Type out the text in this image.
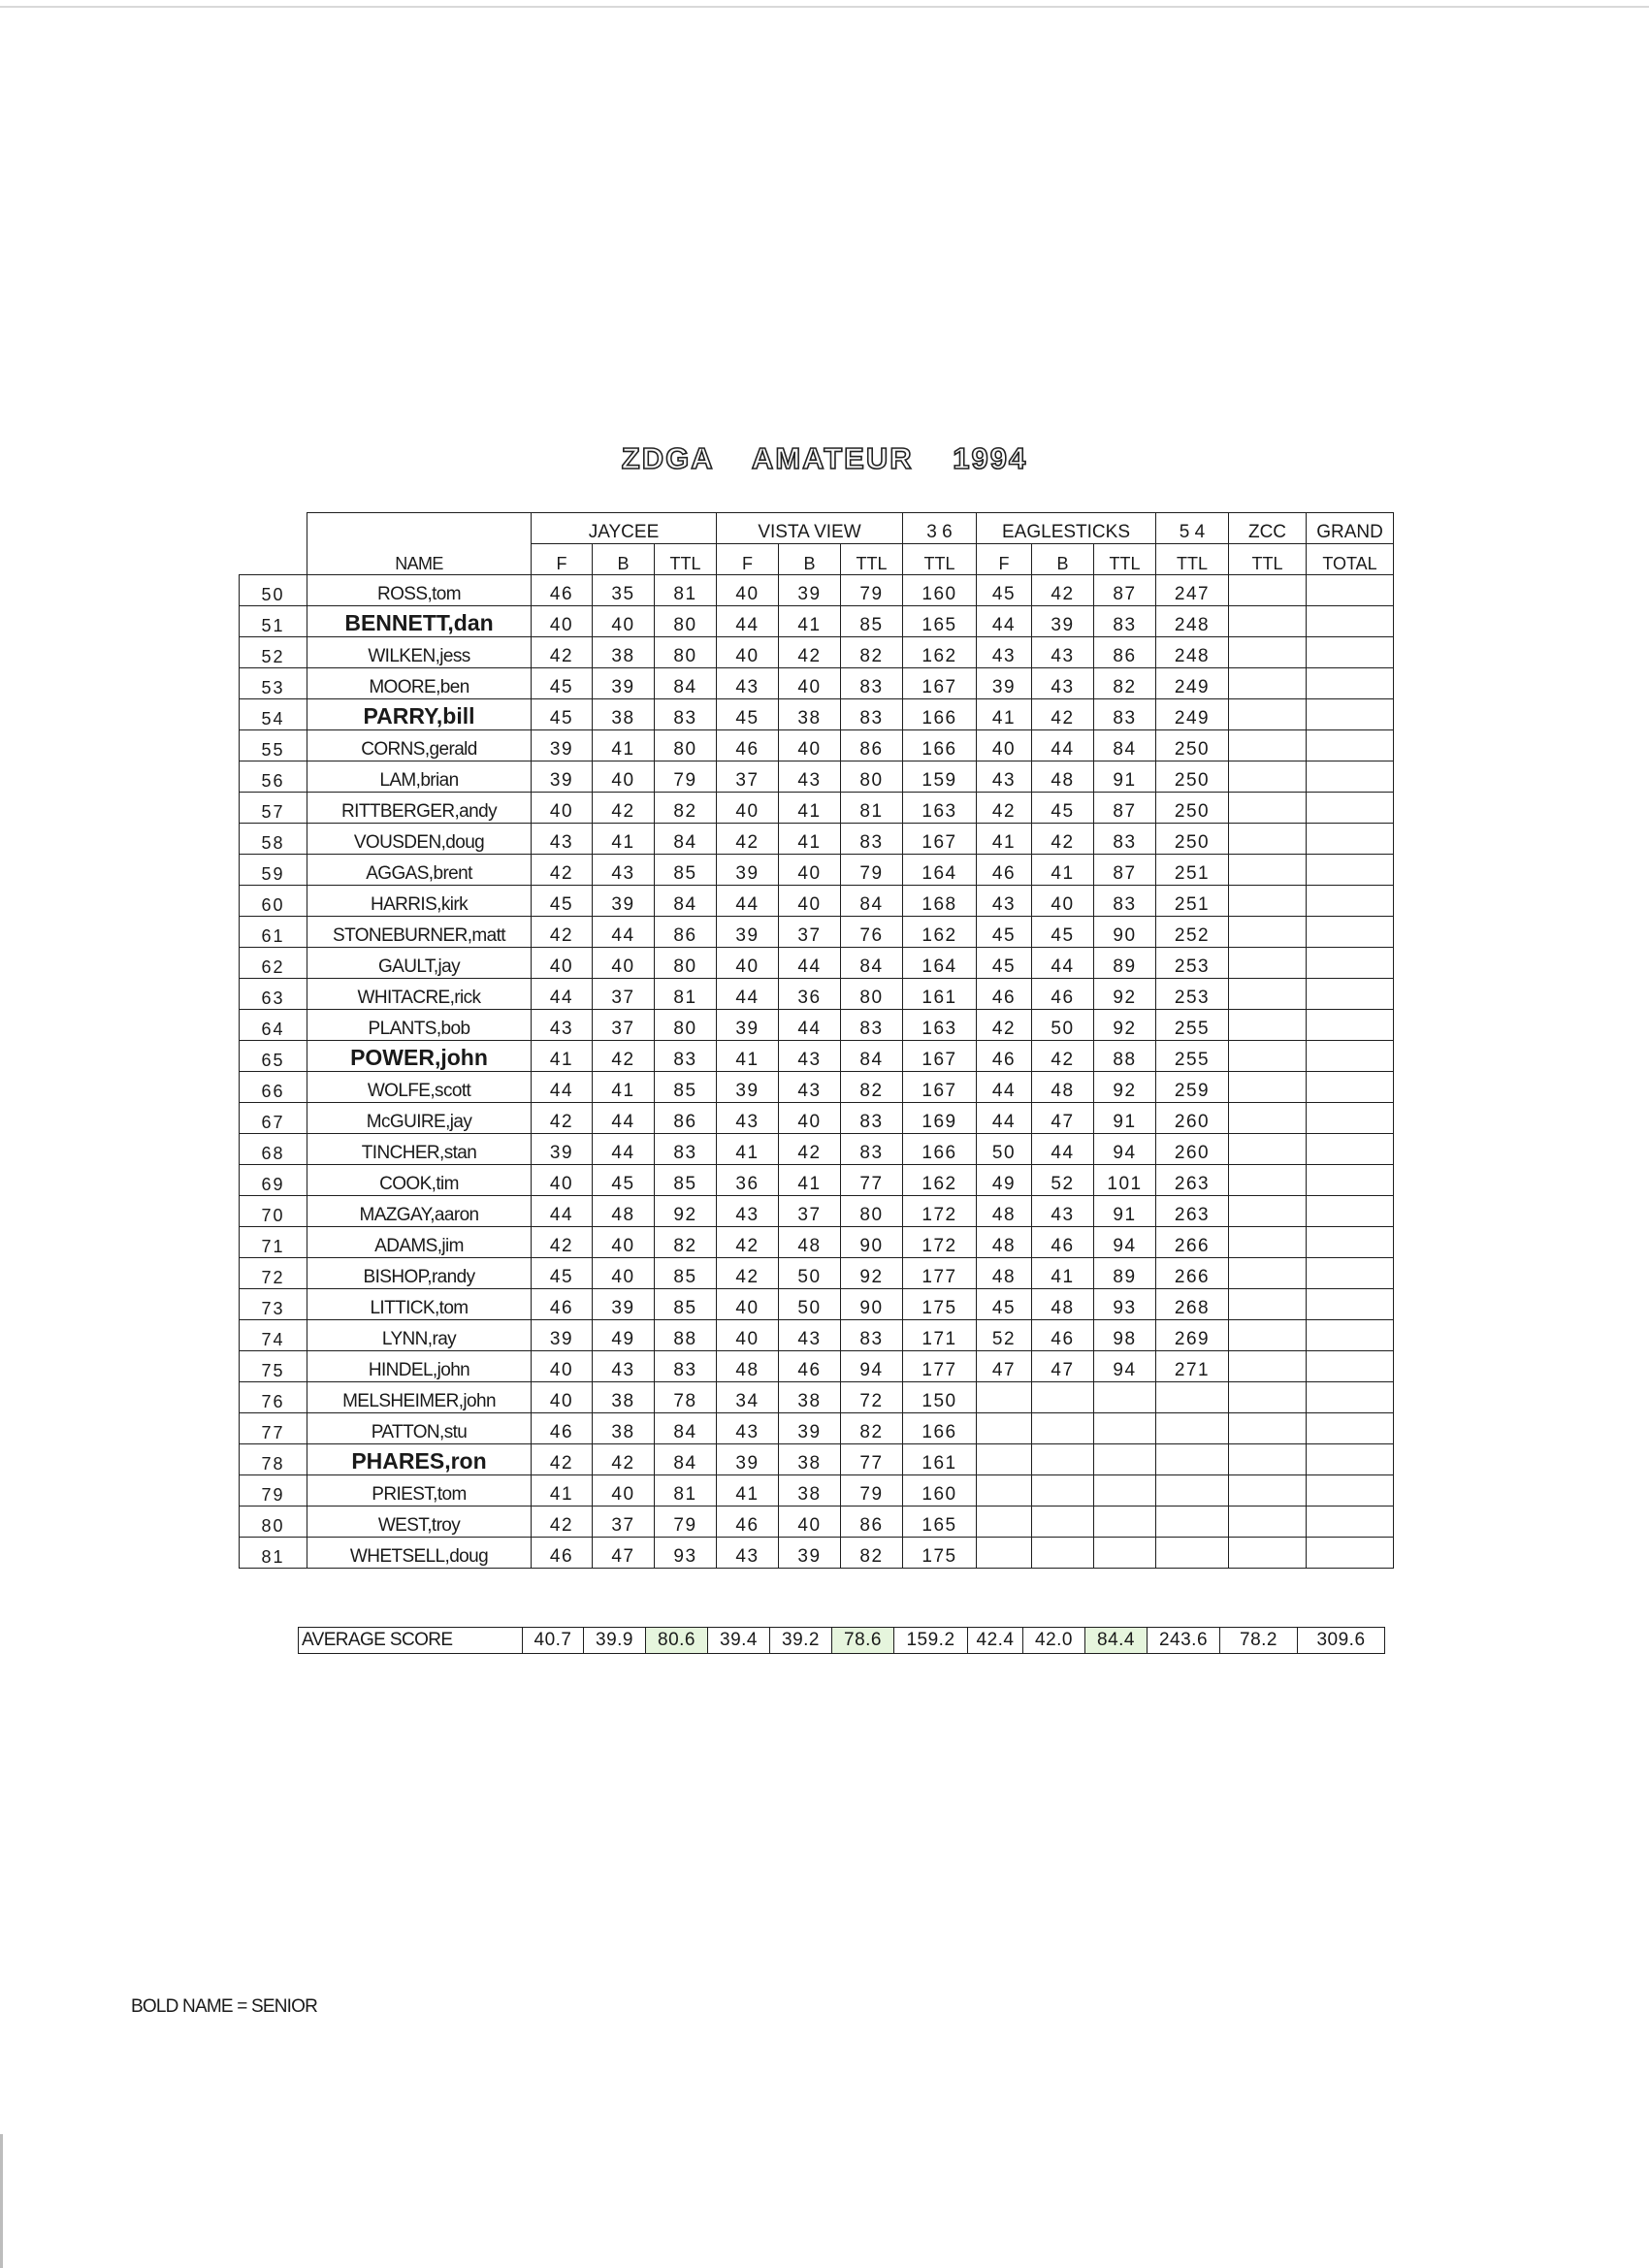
ZDGA AMATEUR 1994
	NAME	JAYCEE			VISTA VIEW			3 6	EAGLESTICKS			5 4	ZCC	GRAND
		F	B	TTL	F	B	TTL	TTL	F	B	TTL	TTL	TTL	TOTAL
50	ROSS,tom	46	35	81	40	39	79	160	45	42	87	247		
51	BENNETT,dan	40	40	80	44	41	85	165	44	39	83	248		
52	WILKEN,jess	42	38	80	40	42	82	162	43	43	86	248		
53	MOORE,ben	45	39	84	43	40	83	167	39	43	82	249		
54	PARRY,bill	45	38	83	45	38	83	166	41	42	83	249		
55	CORNS,gerald	39	41	80	46	40	86	166	40	44	84	250		
56	LAM,brian	39	40	79	37	43	80	159	43	48	91	250		
57	RITTBERGER,andy	40	42	82	40	41	81	163	42	45	87	250		
58	VOUSDEN,doug	43	41	84	42	41	83	167	41	42	83	250		
59	AGGAS,brent	42	43	85	39	40	79	164	46	41	87	251		
60	HARRIS,kirk	45	39	84	44	40	84	168	43	40	83	251		
61	STONEBURNER,matt	42	44	86	39	37	76	162	45	45	90	252		
62	GAULT,jay	40	40	80	40	44	84	164	45	44	89	253		
63	WHITACRE,rick	44	37	81	44	36	80	161	46	46	92	253		
64	PLANTS,bob	43	37	80	39	44	83	163	42	50	92	255		
65	POWER,john	41	42	83	41	43	84	167	46	42	88	255		
66	WOLFE,scott	44	41	85	39	43	82	167	44	48	92	259		
67	McGUIRE,jay	42	44	86	43	40	83	169	44	47	91	260		
68	TINCHER,stan	39	44	83	41	42	83	166	50	44	94	260		
69	COOK,tim	40	45	85	36	41	77	162	49	52	101	263		
70	MAZGAY,aaron	44	48	92	43	37	80	172	48	43	91	263		
71	ADAMS,jim	42	40	82	42	48	90	172	48	46	94	266		
72	BISHOP,randy	45	40	85	42	50	92	177	48	41	89	266		
73	LITTICK,tom	46	39	85	40	50	90	175	45	48	93	268		
74	LYNN,ray	39	49	88	40	43	83	171	52	46	98	269		
75	HINDEL,john	40	43	83	48	46	94	177	47	47	94	271		
76	MELSHEIMER,john	40	38	78	34	38	72	150						
77	PATTON,stu	46	38	84	43	39	82	166						
78	PHARES,ron	42	42	84	39	38	77	161						
79	PRIEST,tom	41	40	81	41	38	79	160						
80	WEST,troy	42	37	79	46	40	86	165						
81	WHETSELL,doug	46	47	93	43	39	82	175						
AVERAGE SCORE	40.7	39.9	80.6	39.4	39.2	78.6	159.2	42.4	42.0	84.4	243.6	78.2	309.6
BOLD NAME = SENIOR
